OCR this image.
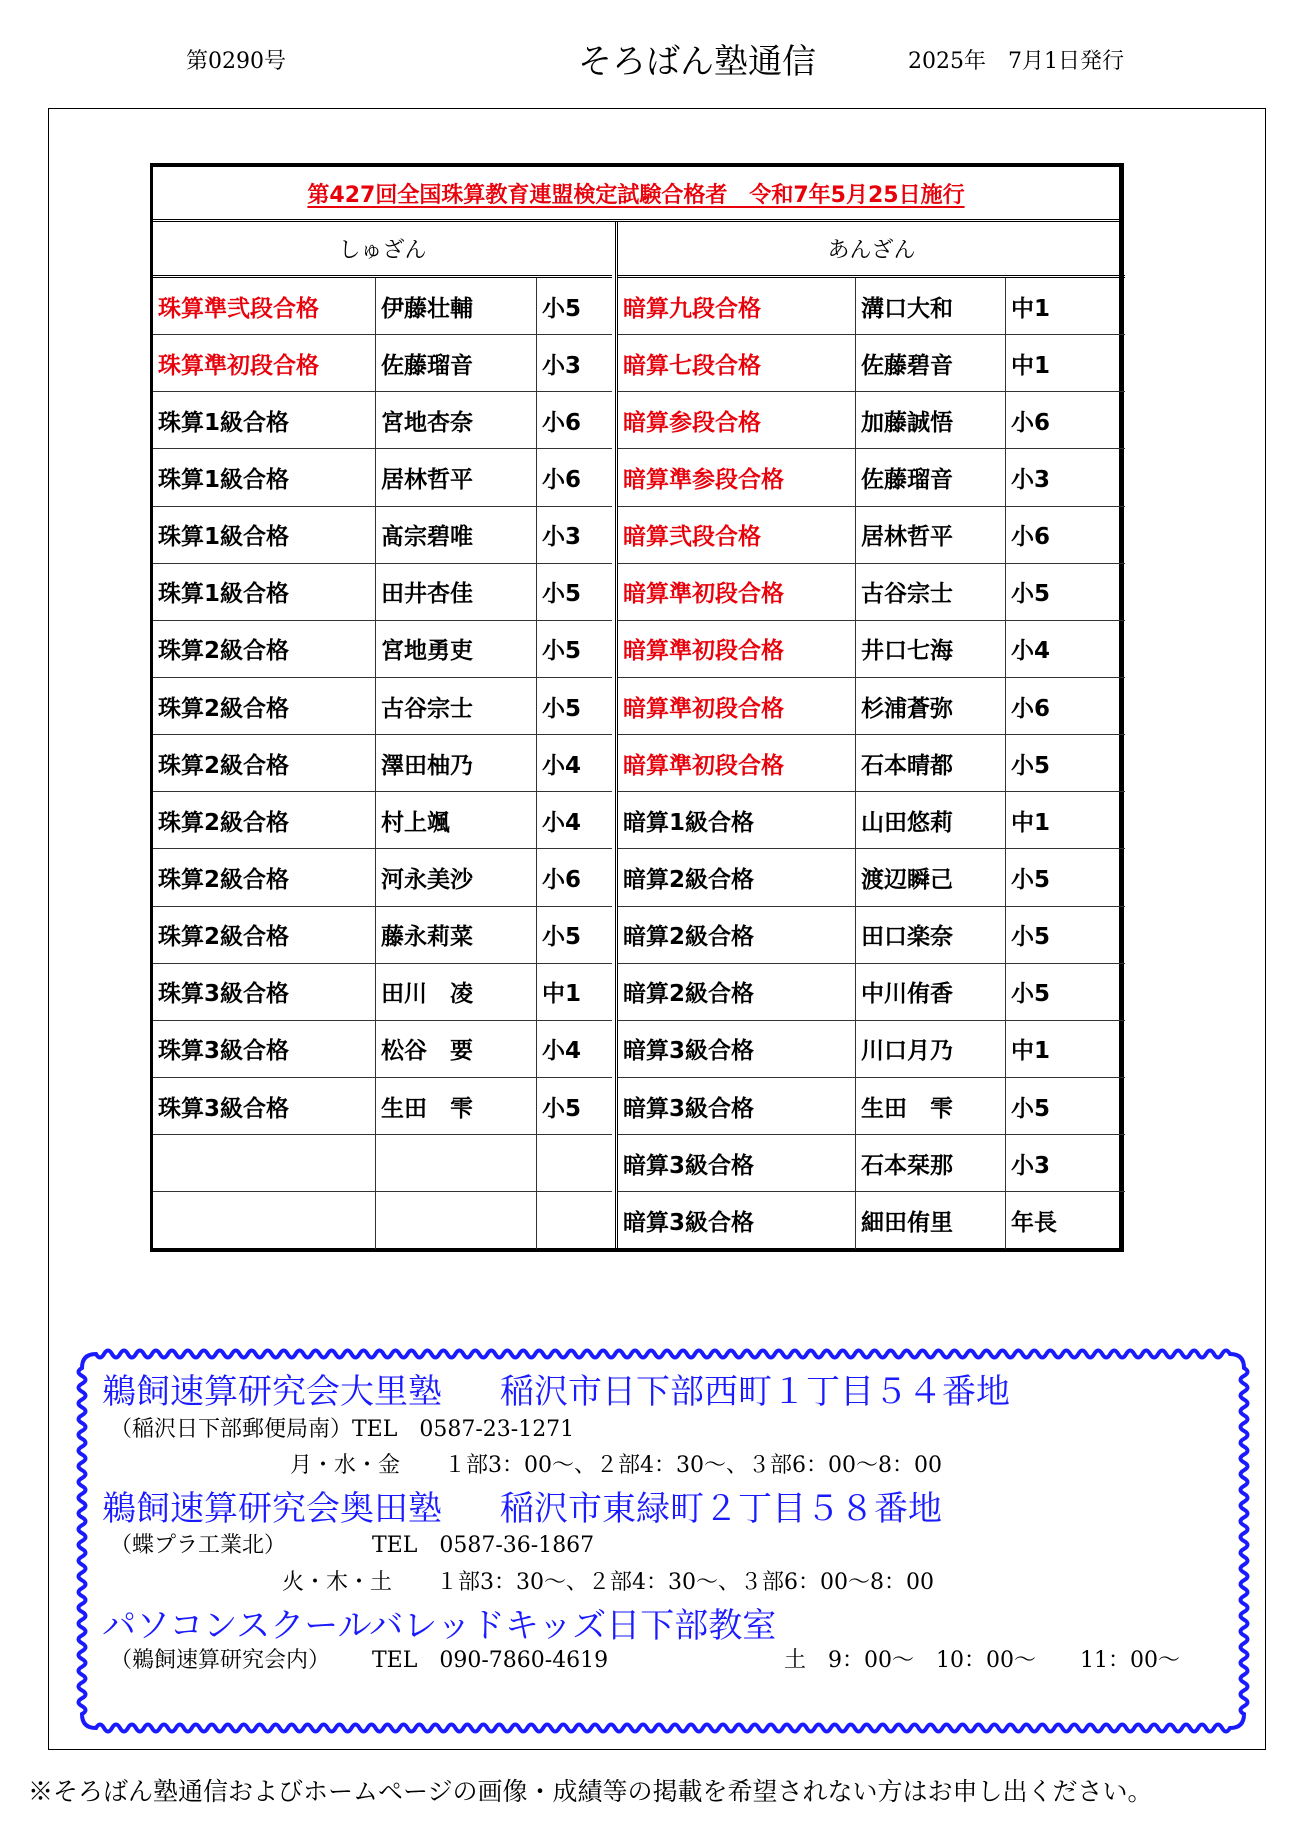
第0290号	そろばん塾通信	2025年　7月1日発行
第427回全国珠算教育連盟検定試験合格者　令和7年5月25日施行
しゅざん
珠算準弐段合格	伊藤壮輔	小5
珠算準初段合格	佐藤瑠音	小3
珠算1級合格	宮地杏奈	小6
珠算1級合格	居林哲平	小6
珠算1級合格	髙宗碧唯	小3
珠算1級合格	田井杏佳	小5
珠算2級合格	宮地勇吏	小5
珠算2級合格	古谷宗士	小5
珠算2級合格	澤田柚乃	小4
珠算2級合格	村上颯	小4
珠算2級合格	河永美沙	小6
珠算2級合格	藤永莉菜	小5
珠算3級合格	田川　凌	中1
珠算3級合格	松谷　要	小4
珠算3級合格	生田　雫	小5
あんざん
暗算九段合格	溝口大和	中1
暗算七段合格	佐藤碧音	中1
暗算参段合格	加藤誠悟	小6
暗算準参段合格	佐藤瑠音	小3
暗算弐段合格	居林哲平	小6
暗算準初段合格	古谷宗士	小5
暗算準初段合格	井口七海	小4
暗算準初段合格	杉浦蒼弥	小6
暗算準初段合格	石本晴都	小5
暗算1級合格	山田悠莉	中1
暗算2級合格	渡辺瞬己	小5
暗算2級合格	田口楽奈	小5
暗算2級合格	中川侑香	小5
暗算3級合格	川口月乃	中1
暗算3級合格	生田　雫	小5
暗算3級合格	石本栞那	小3
暗算3級合格	細田侑里	年長
鵜飼速算研究会大里塾 稲沢市日下部西町１丁目５４番地
（稲沢日下部郵便局南）TEL　0587-23-1271
月・水・金　　１部3：00〜、２部4：30〜、３部6：00〜8：00
鵜飼速算研究会奥田塾 稲沢市東緑町２丁目５８番地
（蝶プラ工業北）	TEL　0587-36-1867
火・木・土　　１部3：30〜、２部4：30〜、３部6：00〜8：00
パソコンスクールバレッドキッズ日下部教室
（鵜飼速算研究会内） TEL　090-7860-4619	土　9：00〜　10：00〜　　11：00〜
※そろばん塾通信およびホームページの画像・成績等の掲載を希望されない方はお申し出ください。
